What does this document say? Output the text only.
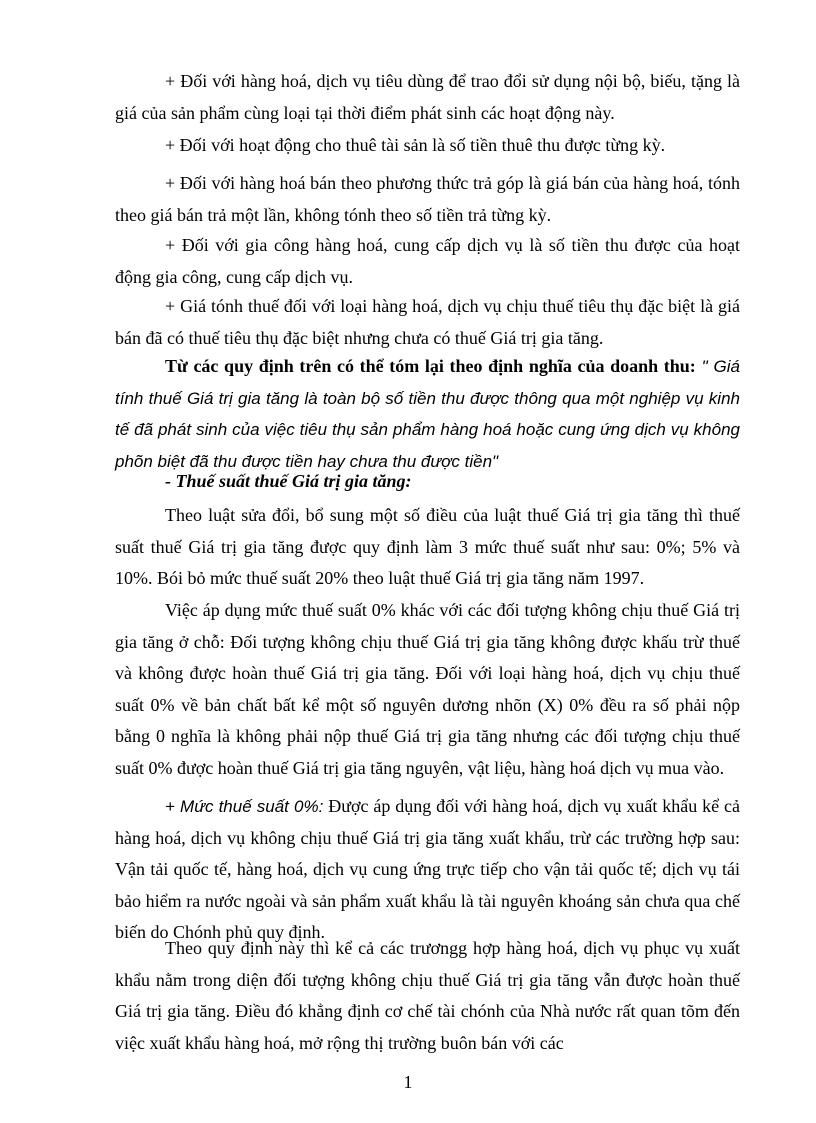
+ Đối với hàng hoá, dịch vụ tiêu dùng để trao đổi sử dụng nội bộ, biếu, tặng là giá của sản phẩm cùng loại tại thời điểm phát sinh các hoạt động này.

+ Đối với hoạt động cho thuê tài sản là số tiền thuê thu được từng kỳ.

+ Đối với hàng hoá bán theo phương thức trả góp là giá bán của hàng hoá, tónh theo giá bán trả một lần, không tónh theo số tiền trả từng kỳ.

+ Đối với gia công hàng hoá, cung cấp dịch vụ là số tiền thu được của hoạt động gia công, cung cấp dịch vụ.

+ Giá tónh thuế đối với loại hàng hoá, dịch vụ chịu thuế tiêu thụ đặc biệt là giá bán đã có thuế tiêu thụ đặc biệt nhưng chưa có thuế Giá trị gia tăng.

Từ các quy định trên có thể tóm lại theo định nghĩa của doanh thu: " Giá tính thuế Giá trị gia tăng là toàn bộ số tiền thu được thông qua một nghiệp vụ kinh tế đã phát sinh của việc tiêu thụ sản phẩm hàng hoá hoặc cung ứng dịch vụ không phõn biệt đã thu được tiền hay chưa thu được tiền"

- Thuế suất thuế Giá trị gia tăng:

Theo luật sửa đổi, bổ sung một số điều của luật thuế Giá trị gia tăng thì thuế suất thuế Giá trị gia tăng được quy định làm 3 mức thuế suất như sau: 0%; 5% và 10%. Bói bỏ mức thuế suất 20% theo luật thuế Giá trị gia tăng năm 1997.

Việc áp dụng mức thuế suất 0% khác với các đối tượng không chịu thuế Giá trị gia tăng ở chỗ: Đối tượng không chịu thuế Giá trị gia tăng không được khấu trừ thuế và không được hoàn thuế Giá trị gia tăng. Đối với loại hàng hoá, dịch vụ chịu thuế suất 0% về bản chất bất kể một số nguyên dương nhõn (X) 0% đều ra số phải nộp bằng 0 nghĩa là không phải nộp thuế Giá trị gia tăng nhưng các đối tượng chịu thuế suất 0% được hoàn thuế Giá trị gia tăng nguyên, vật liệu, hàng hoá dịch vụ mua vào.

+ Mức thuế suất 0%: Được áp dụng đối với hàng hoá, dịch vụ xuất khẩu kể cả hàng hoá, dịch vụ không chịu thuế Giá trị gia tăng xuất khẩu, trừ các trường hợp sau: Vận tải quốc tế, hàng hoá, dịch vụ cung ứng trực tiếp cho vận tải quốc tế; dịch vụ tái bảo hiểm ra nước ngoài và sản phẩm xuất khẩu là tài nguyên khoáng sản chưa qua chế biến do Chónh phủ quy định.

Theo quy định này thì kể cả các trươngg hợp hàng hoá, dịch vụ phục vụ xuất khẩu nằm trong diện đối tượng không chịu thuế Giá trị gia tăng vẫn được hoàn thuế Giá trị gia tăng. Điều đó khẳng định cơ chế tài chónh của Nhà nước rất quan tõm đến việc xuất khẩu hàng hoá, mở rộng thị trường buôn bán với các

1
